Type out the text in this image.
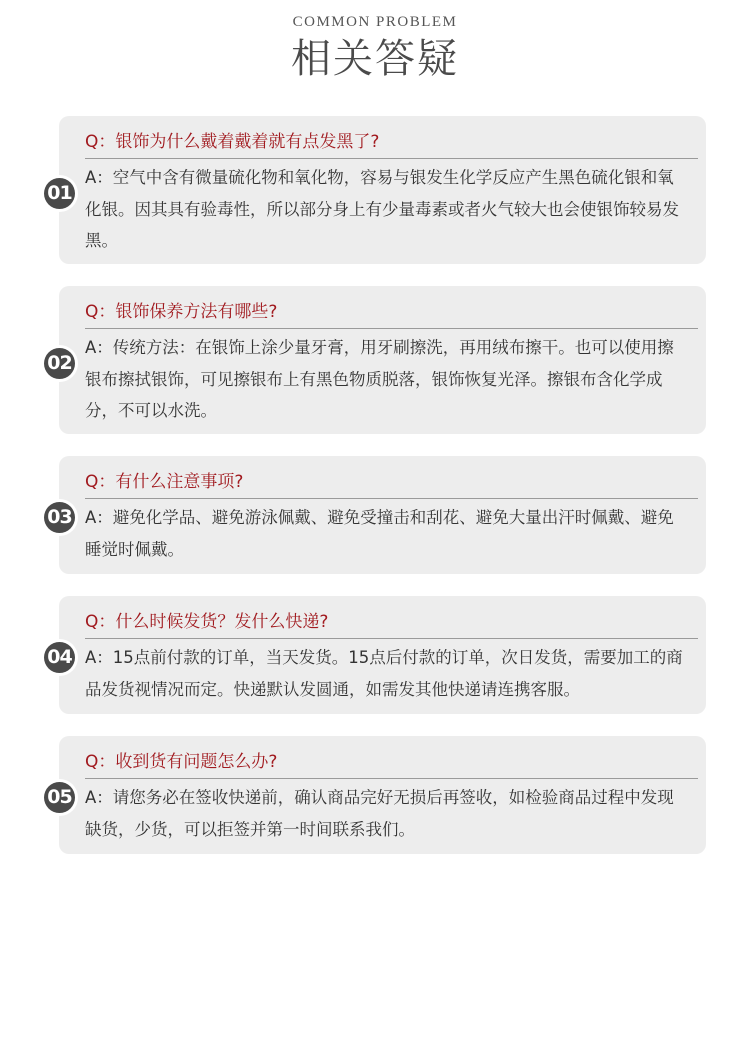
COMMON PROBLEM
相关答疑
01
Q：银饰为什么戴着戴着就有点发黑了?
A：空气中含有微量硫化物和氧化物，容易与银发生化学反应产生黑色硫化银和氧化银。因其具有验毒性，所以部分身上有少量毒素或者火气较大也会使银饰较易发黑。
02
Q：银饰保养方法有哪些?
A：传统方法：在银饰上涂少量牙膏，用牙刷擦洗，再用绒布擦干。也可以使用擦银布擦拭银饰，可见擦银布上有黑色物质脱落，银饰恢复光泽。擦银布含化学成分，不可以水洗。
03
Q：有什么注意事项?
A：避免化学品、避免游泳佩戴、避免受撞击和刮花、避免大量出汗时佩戴、避免睡觉时佩戴。
04
Q：什么时候发货？发什么快递?
A：15点前付款的订单，当天发货。15点后付款的订单，次日发货，需要加工的商品发货视情况而定。快递默认发圆通，如需发其他快递请连携客服。
05
Q：收到货有问题怎么办?
A：请您务必在签收快递前，确认商品完好无损后再签收，如检验商品过程中发现缺货，少货，可以拒签并第一时间联系我们。
